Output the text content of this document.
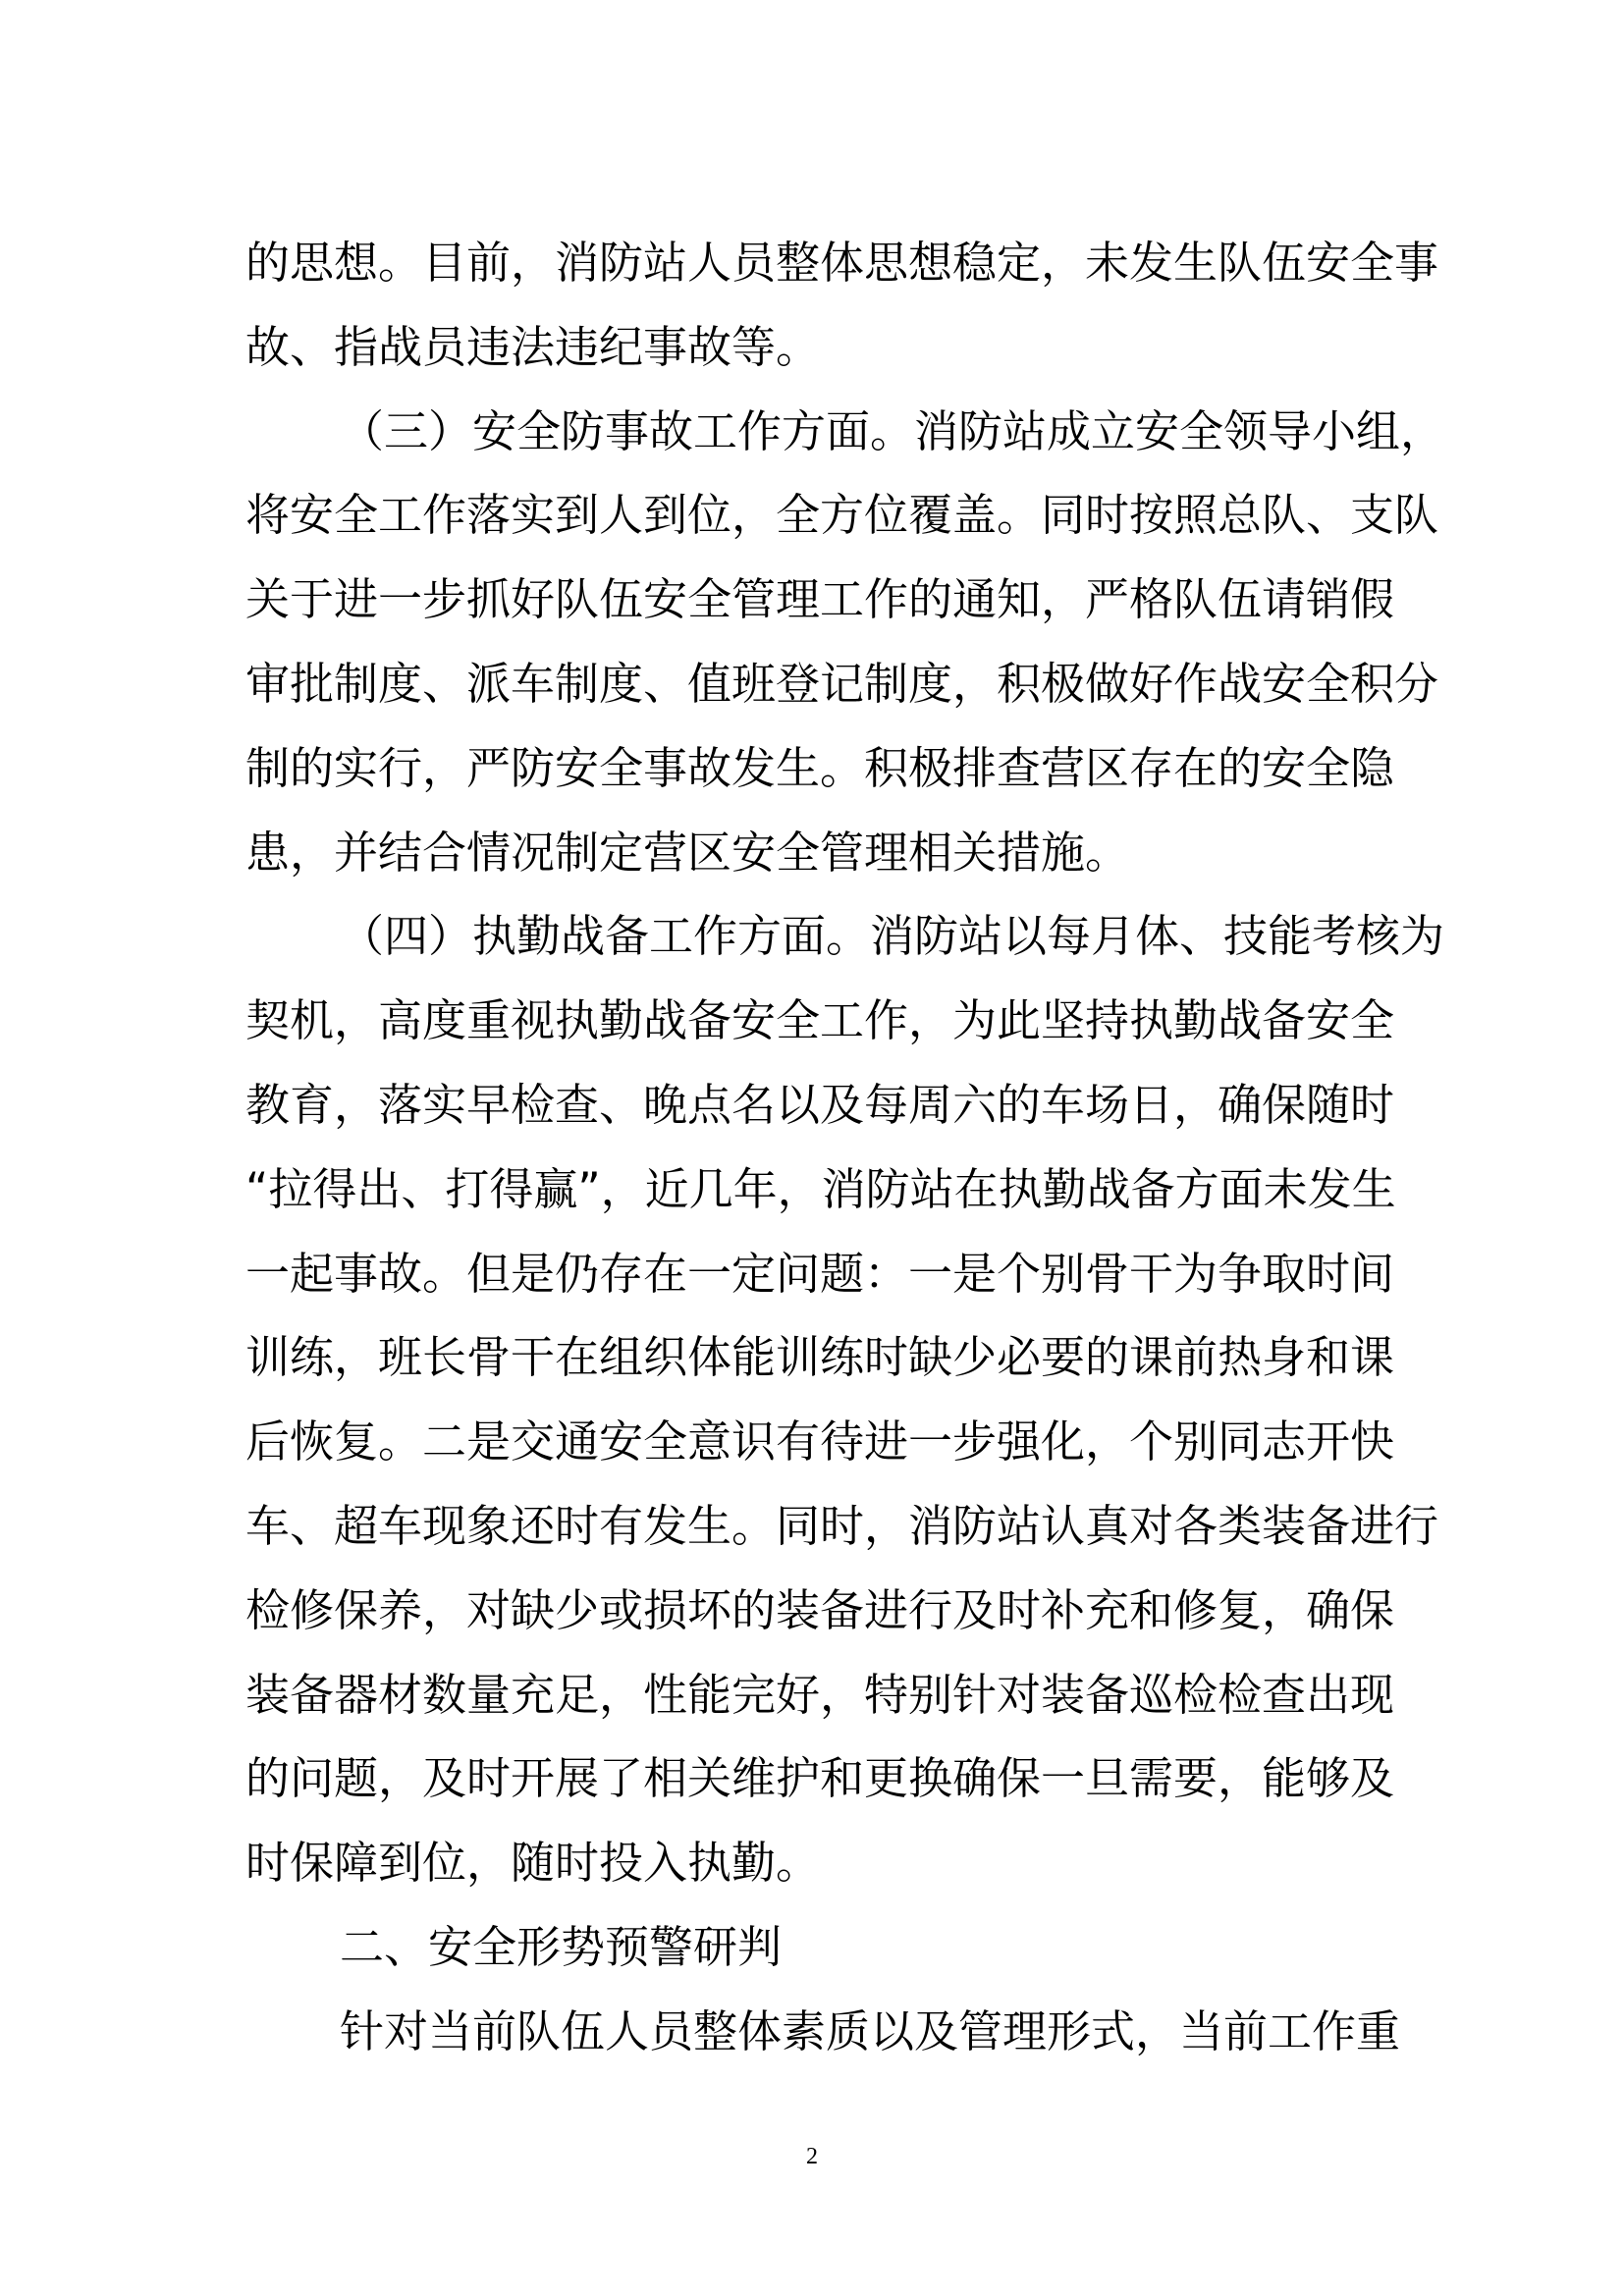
的思想。目前，消防站人员整体思想稳定，未发生队伍安全事
故、指战员违法违纪事故等。
（三）安全防事故工作方面。消防站成立安全领导小组，
将安全工作落实到人到位，全方位覆盖。同时按照总队、支队
关于进一步抓好队伍安全管理工作的通知，严格队伍请销假
审批制度、派车制度、值班登记制度，积极做好作战安全积分
制的实行，严防安全事故发生。积极排查营区存在的安全隐
患，并结合情况制定营区安全管理相关措施。
（四）执勤战备工作方面。消防站以每月体、技能考核为
契机，高度重视执勤战备安全工作，为此坚持执勤战备安全
教育，落实早检查、晚点名以及每周六的车场日，确保随时
“拉得出、打得赢”，近几年，消防站在执勤战备方面未发生
一起事故。但是仍存在一定问题：一是个别骨干为争取时间
训练，班长骨干在组织体能训练时缺少必要的课前热身和课
后恢复。二是交通安全意识有待进一步强化，个别同志开快
车、超车现象还时有发生。同时，消防站认真对各类装备进行
检修保养，对缺少或损坏的装备进行及时补充和修复，确保
装备器材数量充足，性能完好，特别针对装备巡检检查出现
的问题，及时开展了相关维护和更换确保一旦需要，能够及
时保障到位，随时投入执勤。
二、安全形势预警研判
针对当前队伍人员整体素质以及管理形式，当前工作重
2
